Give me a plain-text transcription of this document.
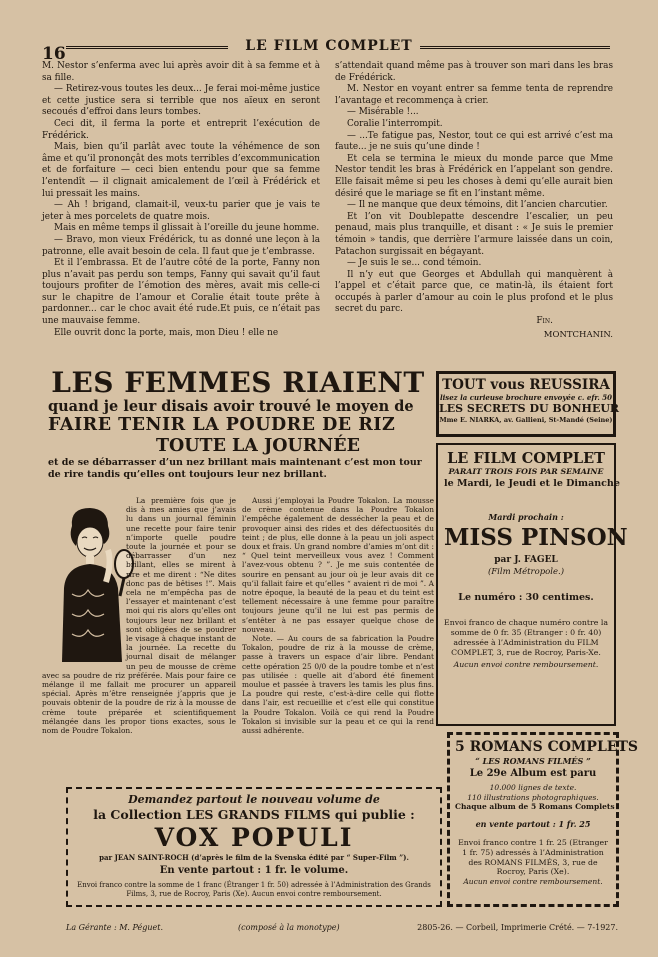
16	LE FILM COMPLET

M. Nestor s’enferma avec lui après avoir dit à sa femme et à sa fille.

— Retirez-vous toutes les deux... Je ferai moi-même justice et cette justice sera si terrible que nos aïeux en seront secoués d’effroi dans leurs tombes.

Ceci dit, il ferma la porte et entreprit l’exécution de Frédérick.

Mais, bien qu’il parlât avec toute la véhémence de son âme et qu’il prononçât des mots terribles d’excommunication et de forfaiture — ceci bien entendu pour que sa femme l’entendît — il clignait amicalement de l’œil à Frédérick et lui pressait les mains.

— Ah ! brigand, clamait-il, veux-tu parier que je vais te jeter à mes porcelets de quatre mois.

Mais en même temps il glissait à l’oreille du jeune homme.

— Bravo, mon vieux Frédérick, tu as donné une leçon à la patronne, elle avait besoin de cela. Il faut que je t’embrasse.

Et il l’embrassa. Et de l’autre côté de la porte, Fanny non plus n’avait pas perdu son temps, Fanny qui savait qu’il faut toujours profiter de l’émotion des mères, avait mis celle-ci sur le chapitre de l’amour et Coralie était toute prête à pardonner... car le choc avait été rude.Et puis, ce n’était pas une mauvaise femme.

Elle ouvrit donc la porte, mais, mon Dieu ! elle ne

s’attendait quand même pas à trouver son mari dans les bras de Frédérick.

M. Nestor en voyant entrer sa femme tenta de reprendre l’avantage et recommença à crier.

— Misérable !...

Coralie l’interrompit.

— ...Te fatigue pas, Nestor, tout ce qui est arrivé c’est ma faute... je ne suis qu’une dinde !

Et cela se termina le mieux du monde parce que Mme Nestor tendit les bras à Frédérick en l’appelant son gendre. Elle faisait même si peu les choses à demi qu’elle aurait bien désiré que le mariage se fît en l’instant même.

— Il ne manque que deux témoins, dit l’ancien charcutier.

Et l’on vit Doublepatte descendre l’escalier, un peu penaud, mais plus tranquille, et disant : « Je suis le premier témoin » tandis, que derrière l’armure laissée dans un coin, Patachon surgissait en bégayant.

— Je suis le se... cond témoin.

Il n’y eut que Georges et Abdullah qui manquèrent à l’appel et c’était parce que, ce matin-là, ils étaient fort occupés à parler d’amour au coin le plus profond et le plus secret du parc.

Fin.

MONTCHANIN.

LES FEMMES RIAIENT
quand je leur disais avoir trouvé le moyen de
FAIRE TENIR LA POUDRE DE RIZ
TOUTE LA JOURNÉE
et de se débarrasser d’un nez brillant mais maintenant c’est mon tour de rire tandis qu’elles ont toujours leur nez brillant.

La première fois que je dis à mes amies que j’avais lu dans un journal féminin une recette pour faire tenir n’importe quelle poudre toute la journée et pour se débarrasser d’un nez brillant, elles se mirent à rire et me dirent : “Ne dites donc pas de bêtises !”. Mais cela ne m’empêcha pas de l’essayer et maintenant c’est moi qui ris alors qu’elles ont toujours leur nez brillant et sont obligées de se poudrer le visage à chaque instant de la journée. La recette du journal disait de mélanger un peu de mousse de crème avec sa poudre de riz préférée. Mais pour faire ce mélange il me fallait me procurer un appareil spécial. Après m’être renseignée j’appris que je pouvais obtenir de la poudre de riz à la mousse de crème toute préparée et scientifiquement mélangée dans les propor tions exactes, sous le nom de Poudre Tokalon.

Aussi j’employai la Poudre Tokalon. La mousse de crème contenue dans la Poudre Tokalon l’empêche également de dessécher la peau et de provoquer ainsi des rides et des défectuosités du teint ; de plus, elle donne à la peau un joli aspect doux et frais. Un grand nombre d’amies m’ont dit : “ Quel teint merveilleux vous avez ! Comment l’avez-vous obtenu ? ”. Je me suis contentée de sourire en pensant au jour où je leur avais dit ce qu’il fallait faire et qu’elles “ avaient ri de moi ”. A notre époque, la beauté de la peau et du teint est tellement nécessaire à une femme pour paraître toujours jeune qu’il ne lui est pas permis de s’entêter à ne pas essayer quelque chose de nouveau.

Note. — Au cours de sa fabrication la Poudre Tokalon, poudre de riz à la mousse de crème, passe à travers un espace d’air libre. Pendant cette opération 25 0/0 de la poudre tombe et n’est pas utilisée : quelle ait d’abord été finement moulue et passée à travers les tamis les plus fins. La poudre qui reste, c’est-à-dire celle qui flotte dans l’air, est recueillie et c’est elle qui constitue la Poudre Tokalon. Voilà ce qui rend la Poudre Tokalon si invisible sur la peau et ce qui la rend aussi adhérente.

TOUT vous REUSSIRA
lisez la curieuse brochure envoyée c. efr. 50
LES SECRETS DU BONHEUR
Mme E. NIARKA, av. Gallieni, St-Mandé (Seine)
LE FILM COMPLET
PARAIT TROIS FOIS PAR SEMAINE
le Mardi, le Jeudi et le Dimanche
Mardi prochain :
MISS PINSON
par J. FAGEL
(Film Métropole.)
Le numéro : 30 centimes.
Envoi franco de chaque numéro contre la somme de 0 fr. 35 (Etranger : 0 fr. 40) adressée à l’Administration du FILM COMPLET, 3, rue de Rocroy, Paris-Xe.
Aucun envoi contre remboursement.
5 ROMANS COMPLETS
“ LES ROMANS FILMÉS ”
Le 29e Album est paru
10.000 lignes de texte.
110 illustrations photographiques.
Chaque album de 5 Romans Complets
en vente partout : 1 fr. 25
Envoi franco contre 1 fr. 25 (Etranger 1 fr. 75) adressés à l’Administration des ROMANS FILMÉS, 3, rue de Rocroy, Paris (Xe).
Aucun envoi contre remboursement.
Demandez partout le nouveau volume de
la Collection LES GRANDS FILMS qui publie :
VOX POPULI
par JEAN SAINT-ROCH (d’après le film de la Svenska édité par “ Super-Film ”).
En vente partout : 1 fr. le volume.
Envoi franco contre la somme de 1 franc (Étranger 1 fr. 50) adressée à l’Administration des Grands Films, 3, rue de Rocroy, Paris (Xe). Aucun envoi contre remboursement.
La Gérante : M. Péguet.	(composé à la monotype)	2805-26. — Corbeil, Imprimerie Crété. — 7-1927.
